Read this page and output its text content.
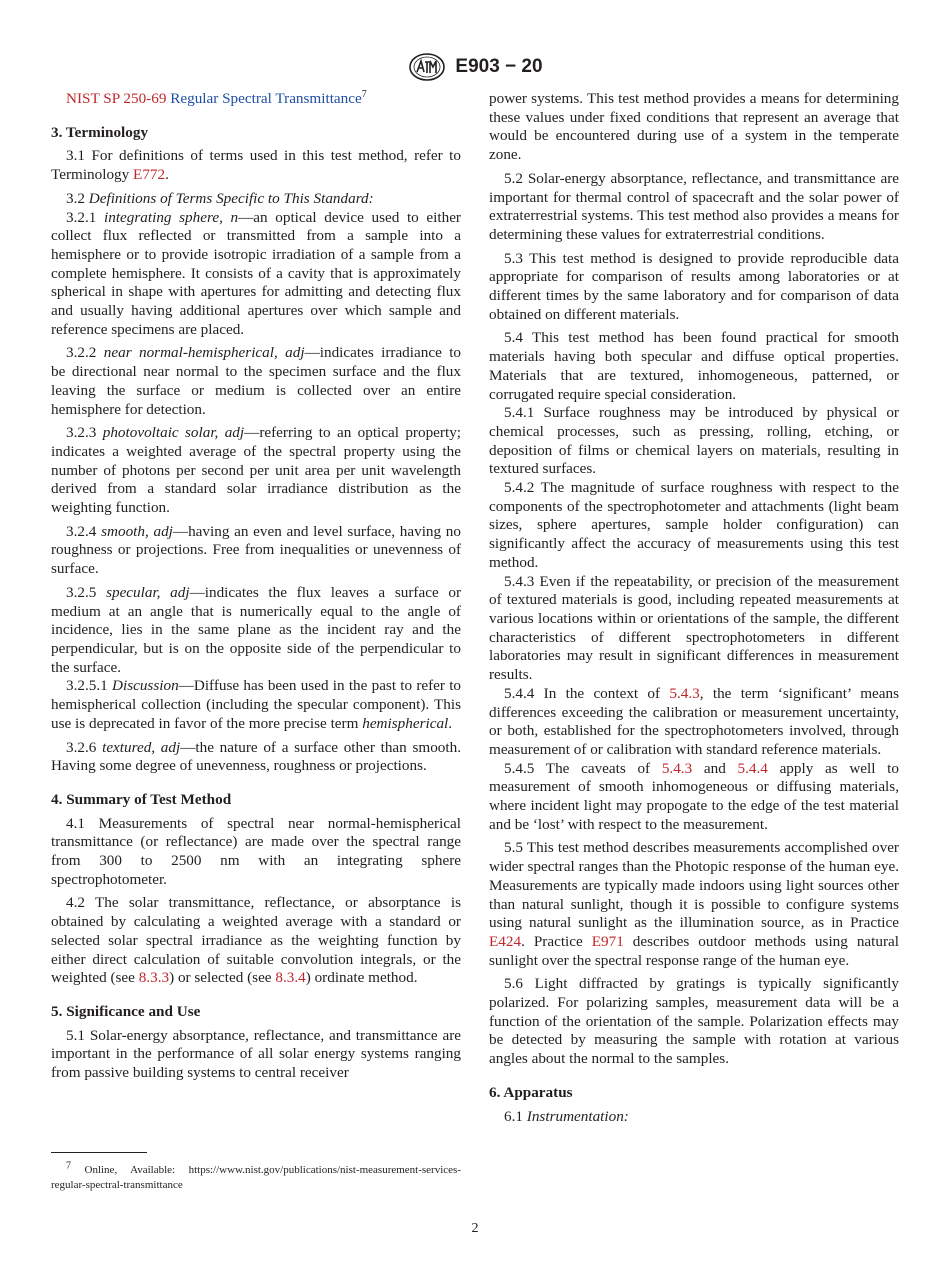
E903 − 20

NIST SP 250-69 Regular Spectral Transmittance$^7$

3. Terminology

3.1 For definitions of terms used in this test method, refer to Terminology E772.

3.2 Definitions of Terms Specific to This Standard:

3.2.1 integrating sphere, n—an optical device used to either collect flux reflected or transmitted from a sample into a hemisphere or to provide isotropic irradiation of a sample from a complete hemisphere. It consists of a cavity that is approximately spherical in shape with apertures for admitting and detecting flux and usually having additional apertures over which sample and reference specimens are placed.

3.2.2 near normal-hemispherical, adj—indicates irradiance to be directional near normal to the specimen surface and the flux leaving the surface or medium is collected over an entire hemisphere for detection.

3.2.3 photovoltaic solar, adj—referring to an optical property; indicates a weighted average of the spectral property using the number of photons per second per unit area per unit wavelength derived from a standard solar irradiance distribution as the weighting function.

3.2.4 smooth, adj—having an even and level surface, having no roughness or projections. Free from inequalities or unevenness of surface.

3.2.5 specular, adj—indicates the flux leaves a surface or medium at an angle that is numerically equal to the angle of incidence, lies in the same plane as the incident ray and the perpendicular, but is on the opposite side of the perpendicular to the surface.

3.2.5.1 Discussion—Diffuse has been used in the past to refer to hemispherical collection (including the specular component). This use is deprecated in favor of the more precise term hemispherical.

3.2.6 textured, adj—the nature of a surface other than smooth. Having some degree of unevenness, roughness or projections.

4. Summary of Test Method

4.1 Measurements of spectral near normal-hemispherical transmittance (or reflectance) are made over the spectral range from 300 to 2500 nm with an integrating sphere spectrophotometer.

4.2 The solar transmittance, reflectance, or absorptance is obtained by calculating a weighted average with a standard or selected solar spectral irradiance as the weighting function by either direct calculation of suitable convolution integrals, or the weighted (see 8.3.3) or selected (see 8.3.4) ordinate method.

5. Significance and Use

5.1 Solar-energy absorptance, reflectance, and transmittance are important in the performance of all solar energy systems ranging from passive building systems to central receiver

power systems. This test method provides a means for determining these values under fixed conditions that represent an average that would be encountered during use of a system in the temperate zone.

5.2 Solar-energy absorptance, reflectance, and transmittance are important for thermal control of spacecraft and the solar power of extraterrestrial systems. This test method also provides a means for determining these values for extraterrestrial conditions.

5.3 This test method is designed to provide reproducible data appropriate for comparison of results among laboratories or at different times by the same laboratory and for comparison of data obtained on different materials.

5.4 This test method has been found practical for smooth materials having both specular and diffuse optical properties. Materials that are textured, inhomogeneous, patterned, or corrugated require special consideration.

5.4.1 Surface roughness may be introduced by physical or chemical processes, such as pressing, rolling, etching, or deposition of films or chemical layers on materials, resulting in textured surfaces.

5.4.2 The magnitude of surface roughness with respect to the components of the spectrophotometer and attachments (light beam sizes, sphere apertures, sample holder configuration) can significantly affect the accuracy of measurements using this test method.

5.4.3 Even if the repeatability, or precision of the measurement of textured materials is good, including repeated measurements at various locations within or orientations of the sample, the different characteristics of different spectrophotometers in different laboratories may result in significant differences in measurement results.

5.4.4 In the context of 5.4.3, the term ‘significant’ means differences exceeding the calibration or measurement uncertainty, or both, established for the spectrophotometers involved, through measurement of or calibration with standard reference materials.

5.4.5 The caveats of 5.4.3 and 5.4.4 apply as well to measurement of smooth inhomogeneous or diffusing materials, where incident light may propogate to the edge of the test material and be ‘lost’ with respect to the measurement.

5.5 This test method describes measurements accomplished over wider spectral ranges than the Photopic response of the human eye. Measurements are typically made indoors using light sources other than natural sunlight, though it is possible to configure systems using natural sunlight as the illumination source, as in Practice E424. Practice E971 describes outdoor methods using natural sunlight over the spectral response range of the human eye.

5.6 Light diffracted by gratings is typically significantly polarized. For polarizing samples, measurement data will be a function of the orientation of the sample. Polarization effects may be detected by measuring the sample with rotation at various angles about the normal to the samples.

6. Apparatus

6.1 Instrumentation:

$^7$ Online, Available: https://www.nist.gov/publications/nist-measurement-services-regular-spectral-transmittance
2
